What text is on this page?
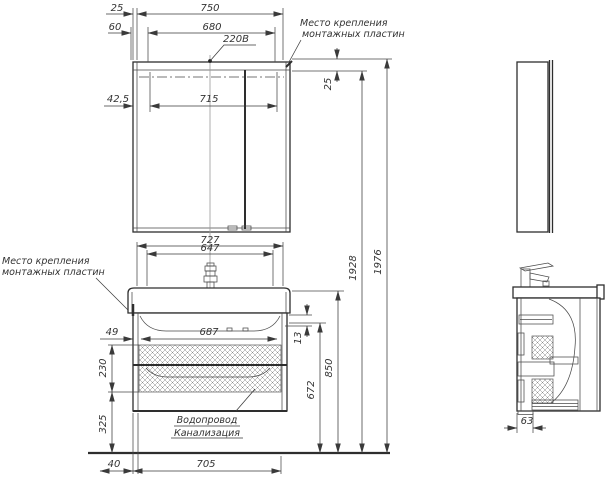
25	750
60	680
42,5	715
25
727
647
49	687	13
230
325
672
850
1928 1976
40	705
63
220В
Место крепления
монтажных пластин
Место крепления
монтажных пластин
Водопровод
Канализация
